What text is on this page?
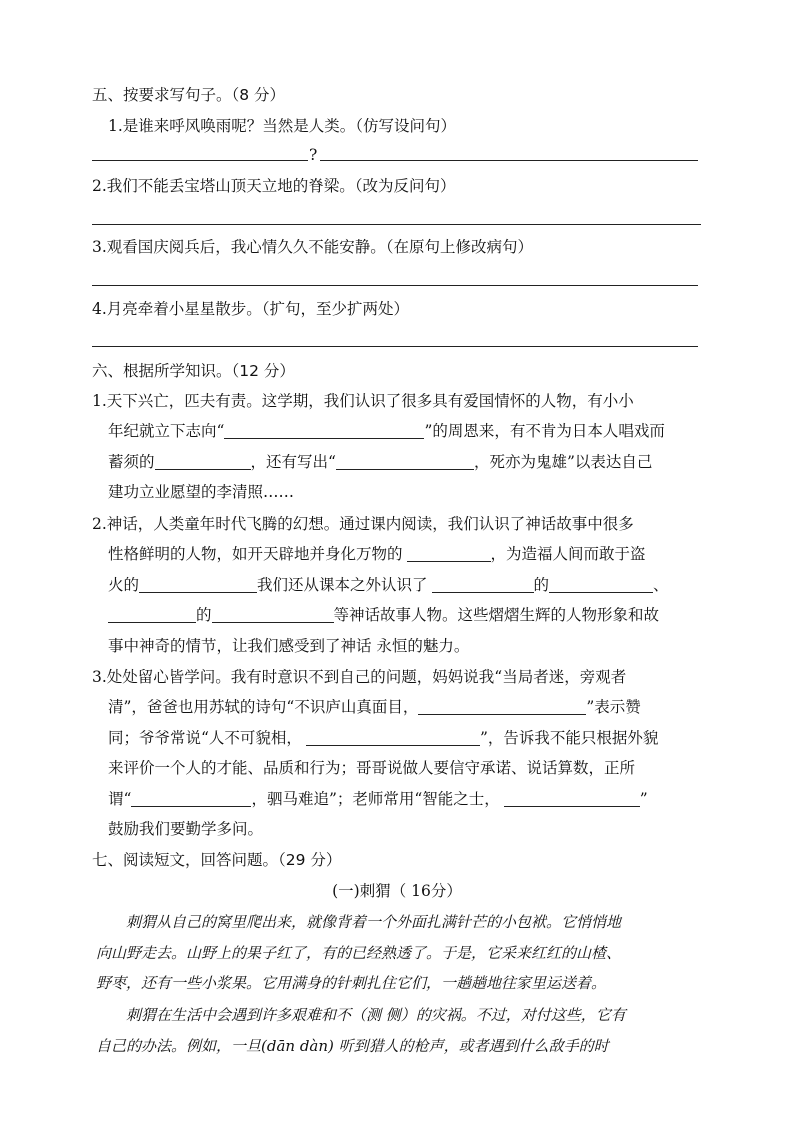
五、按要求写句子。（8 分）
1.是谁来呼风唤雨呢？当然是人类。（仿写设问句）
?
2.我们不能丢宝塔山顶天立地的脊梁。（改为反问句）
3.观看国庆阅兵后，我心情久久不能安静。（在原句上修改病句）
4.月亮牵着小星星散步。（扩句，至少扩两处）
六、根据所学知识。（12 分）
1.天下兴亡，匹夫有责。这学期，我们认识了很多具有爱国情怀的人物，有小小
年纪就立下志向“	”的周恩来，有不肯为日本人唱戏而
蓄须的	，还有写出“	，死亦为鬼雄”以表达自己
建功立业愿望的李清照……
2.神话，人类童年时代飞腾的幻想。通过课内阅读，我们认识了神话故事中很多
性格鲜明的人物，如开天辟地并身化万物的	，为造福人间而敢于盗
火的	我们还从课本之外认识了	的	、
的	等神话故事人物。这些熠熠生辉的人物形象和故
事中神奇的情节，让我们感受到了神话 永恒的魅力。
3.处处留心皆学问。我有时意识不到自己的问题，妈妈说我“当局者迷，旁观者
清”，爸爸也用苏轼的诗句“不识庐山真面目，	”表示赞
同；爷爷常说“人不可貌相，	”，告诉我不能只根据外貌
来评价一个人的才能、品质和行为；哥哥说做人要信守承诺、说话算数，正所
谓“	，驷马难追”；老师常用“智能之士，	”
鼓励我们要勤学多问。
七、阅读短文，回答问题。（29 分）
(一)刺猬（ 16分）
刺猬从自己的窝里爬出来，就像背着一个外面扎满针芒的小包袱。它悄悄地
向山野走去。山野上的果子红了，有的已经熟透了。于是，它采来红红的山楂、
野枣，还有一些小浆果。它用满身的针刺扎住它们，一趟趟地往家里运送着。
刺猬在生活中会遇到许多艰难和不（测 侧）的灾祸。不过，对付这些，它有
自己的办法。例如，一旦(dān dàn) 听到猎人的枪声，或者遇到什么敌手的时
